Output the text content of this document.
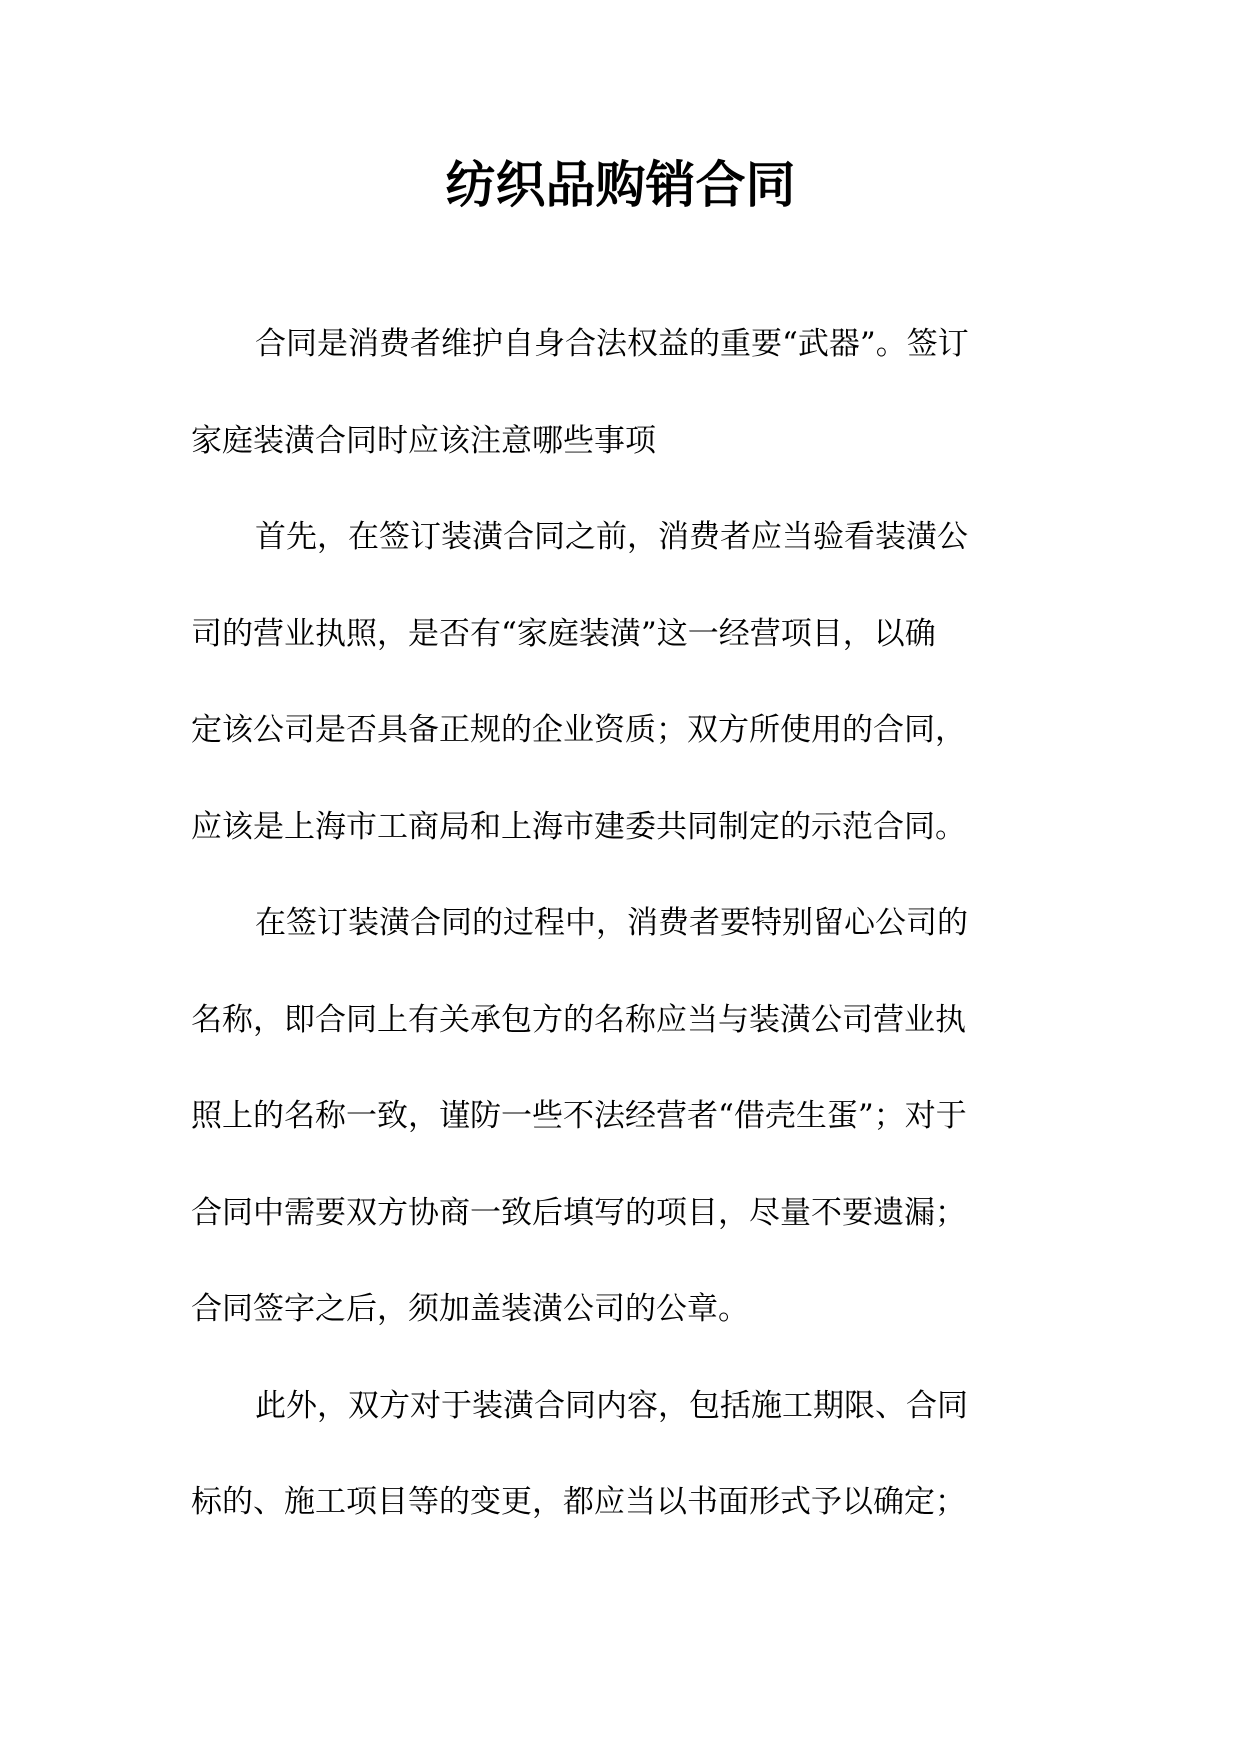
纺织品购销合同

合同是消费者维护自身合法权益的重要“武器”。签订
家庭装潢合同时应该注意哪些事项

首先，在签订装潢合同之前，消费者应当验看装潢公
司的营业执照，是否有“家庭装潢”这一经营项目，以确
定该公司是否具备正规的企业资质；双方所使用的合同，
应该是上海市工商局和上海市建委共同制定的示范合同。

在签订装潢合同的过程中，消费者要特别留心公司的
名称，即合同上有关承包方的名称应当与装潢公司营业执
照上的名称一致，谨防一些不法经营者“借壳生蛋”；对于
合同中需要双方协商一致后填写的项目，尽量不要遗漏；
合同签字之后，须加盖装潢公司的公章。

此外，双方对于装潢合同内容，包括施工期限、合同
标的、施工项目等的变更，都应当以书面形式予以确定；
